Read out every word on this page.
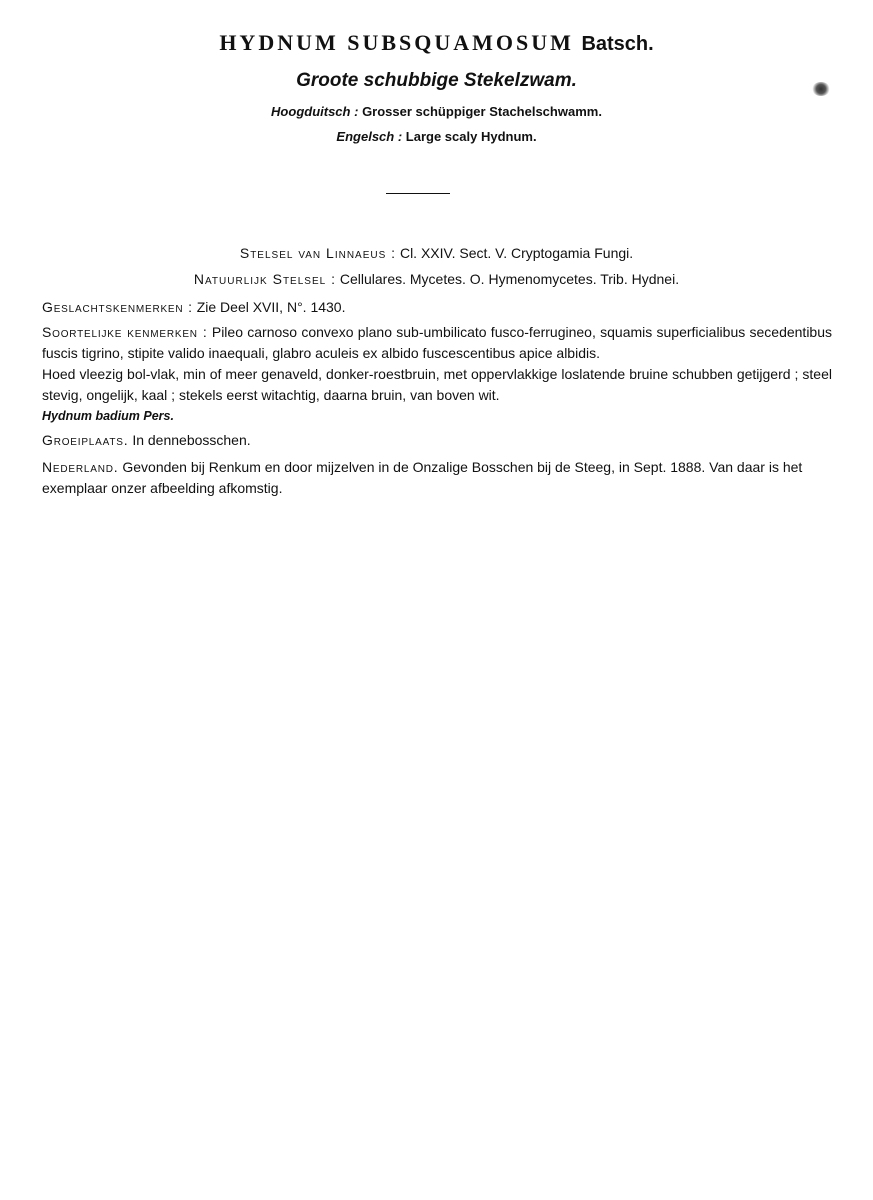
HYDNUM SUBSQUAMOSUM Batsch.
Groote schubbige Stekelzwam.
Hoogduitsch : Grosser schüppiger Stachelschwamm.
Engelsch : Large scaly Hydnum.
Stelsel van Linnaeus : Cl. XXIV. Sect. V. Cryptogamia Fungi.
Natuurlijk Stelsel : Cellulares. Mycetes. O. Hymenomycetes. Trib. Hydnei.
Geslachtskenmerken : Zie Deel XVII, N°. 1430.
Soortelijke kenmerken : Pileo carnoso convexo plano sub-umbilicato fusco-ferrugineo, squamis superficialibus secedentibus fuscis tigrino, stipite valido inaequali, glabro aculeis ex albido fuscescentibus apice albidis.
Hoed vleezig bol-vlak, min of meer genaveld, donker-roestbruin, met oppervlakkige loslatende bruine schubben getijgerd ; steel stevig, ongelijk, kaal ; stekels eerst witachtig, daarna bruin, van boven wit.
Hydnum badium Pers.
Groeiplaats. In dennebosschen.
Nederland. Gevonden bij Renkum en door mijzelven in de Onzalige Bosschen bij de Steeg, in Sept. 1888. Van daar is het exemplaar onzer afbeelding afkomstig.
